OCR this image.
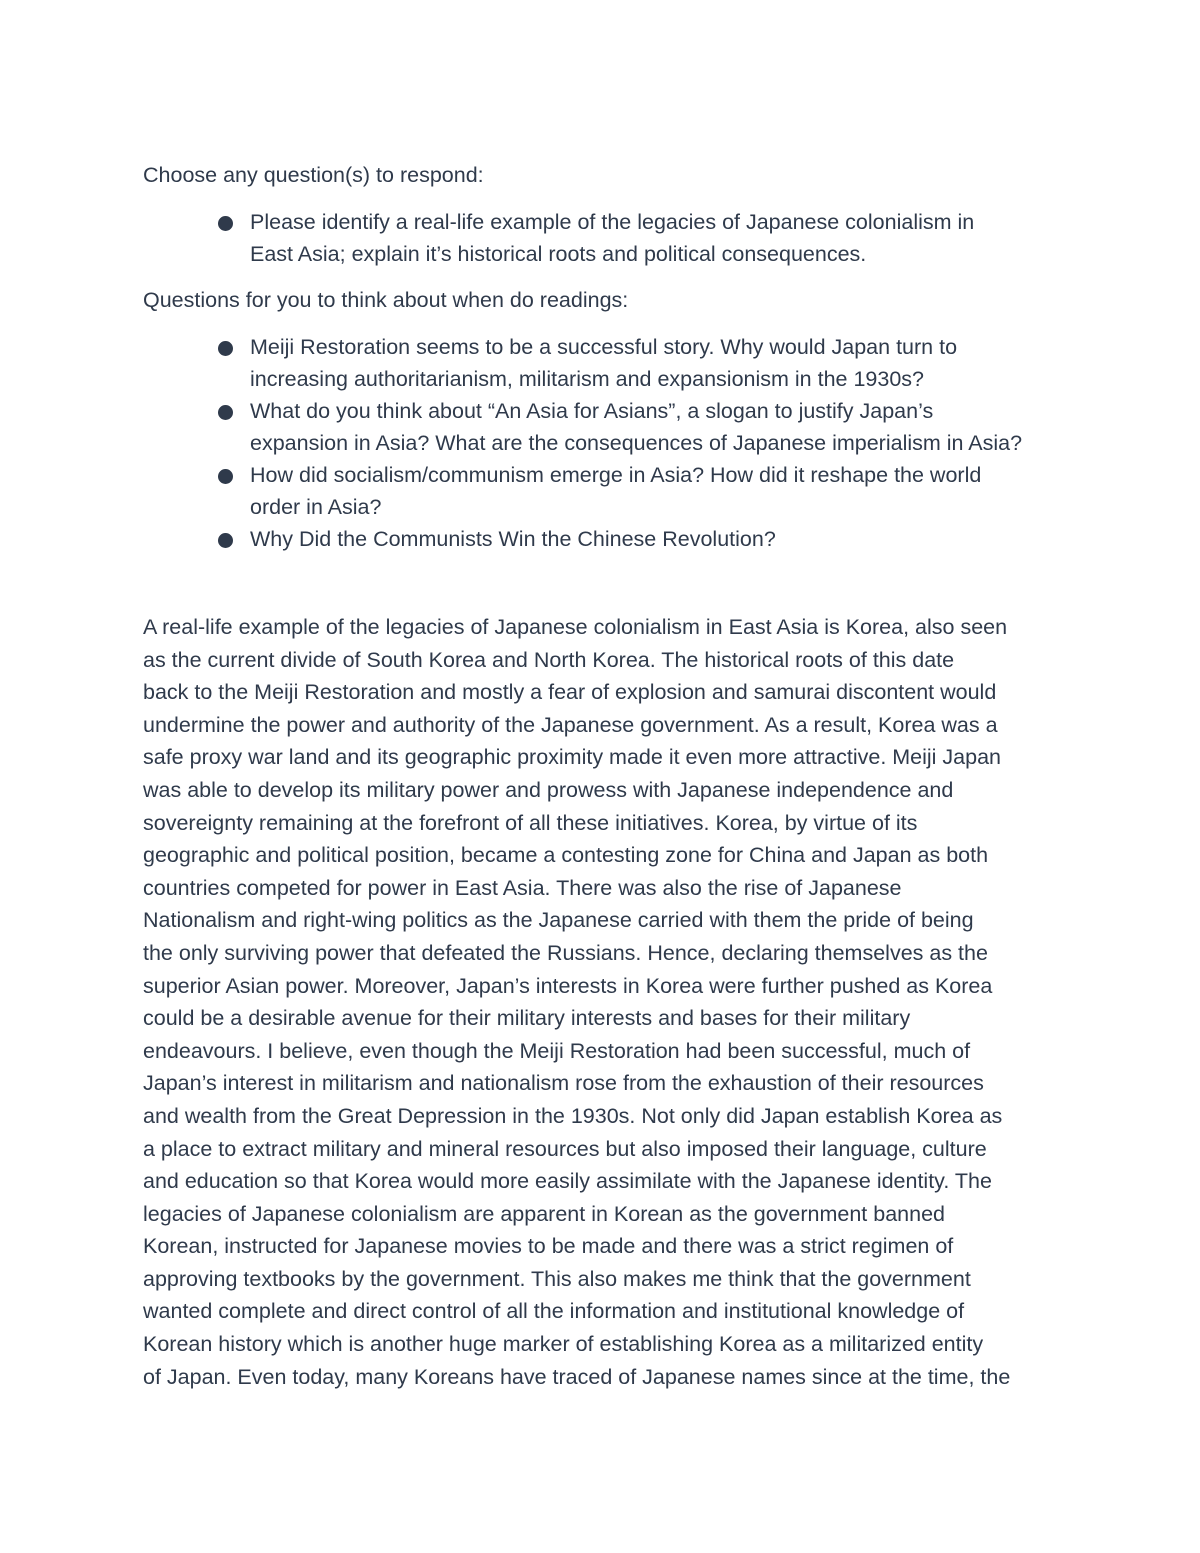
Choose any question(s) to respond:

Please identify a real-life example of the legacies of Japanese colonialism in
East Asia; explain it’s historical roots and political consequences.

Questions for you to think about when do readings:

Meiji Restoration seems to be a successful story. Why would Japan turn to
increasing authoritarianism, militarism and expansionism in the 1930s?
What do you think about “An Asia for Asians”, a slogan to justify Japan’s
expansion in Asia? What are the consequences of Japanese imperialism in Asia?
How did socialism/communism emerge in Asia? How did it reshape the world
order in Asia?
Why Did the Communists Win the Chinese Revolution?

A real-life example of the legacies of Japanese colonialism in East Asia is Korea, also seen

as the current divide of South Korea and North Korea. The historical roots of this date

back to the Meiji Restoration and mostly a fear of explosion and samurai discontent would

undermine the power and authority of the Japanese government. As a result, Korea was a

safe proxy war land and its geographic proximity made it even more attractive. Meiji Japan

was able to develop its military power and prowess with Japanese independence and

sovereignty remaining at the forefront of all these initiatives. Korea, by virtue of its

geographic and political position, became a contesting zone for China and Japan as both

countries competed for power in East Asia. There was also the rise of Japanese

Nationalism and right-wing politics as the Japanese carried with them the pride of being

the only surviving power that defeated the Russians. Hence, declaring themselves as the

superior Asian power. Moreover, Japan’s interests in Korea were further pushed as Korea

could be a desirable avenue for their military interests and bases for their military

endeavours. I believe, even though the Meiji Restoration had been successful, much of

Japan’s interest in militarism and nationalism rose from the exhaustion of their resources

and wealth from the Great Depression in the 1930s. Not only did Japan establish Korea as

a place to extract military and mineral resources but also imposed their language, culture

and education so that Korea would more easily assimilate with the Japanese identity. The

legacies of Japanese colonialism are apparent in Korean as the government banned

Korean, instructed for Japanese movies to be made and there was a strict regimen of

approving textbooks by the government. This also makes me think that the government

wanted complete and direct control of all the information and institutional knowledge of

Korean history which is another huge marker of establishing Korea as a militarized entity

of Japan. Even today, many Koreans have traced of Japanese names since at the time, the
